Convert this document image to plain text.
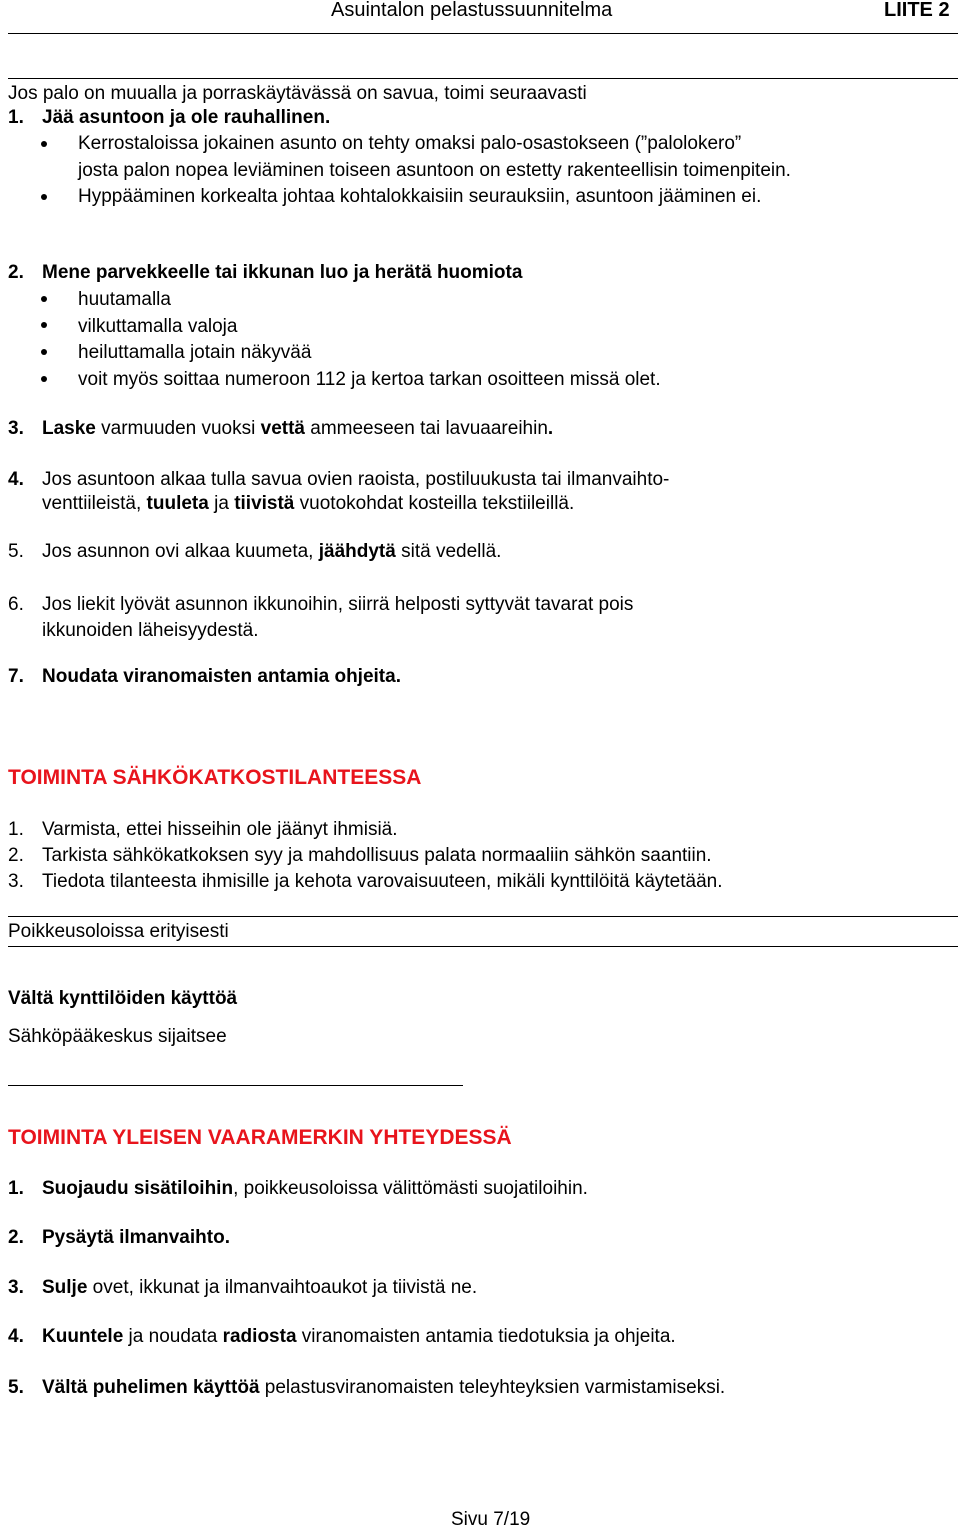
Asuintalon pelastussuunnitelma	LIITE 2
Jos palo on muualla ja porraskäytävässä on savua, toimi seuraavasti
1. Jää asuntoon ja ole rauhallinen.
Kerrostaloissa jokainen asunto on tehty omaksi palo-osastokseen (”palolokero”
josta palon nopea leviäminen toiseen asuntoon on estetty rakenteellisin toimenpitein.
Hyppääminen korkealta johtaa kohtalokkaisiin seurauksiin, asuntoon jääminen ei.
2. Mene parvekkeelle tai ikkunan luo ja herätä huomiota
huutamalla
vilkuttamalla valoja
heiluttamalla jotain näkyvää
voit myös soittaa numeroon 112 ja kertoa tarkan osoitteen missä olet.
3. Laske varmuuden vuoksi vettä ammeeseen tai lavuaareihin.
4. Jos asuntoon alkaa tulla savua ovien raoista, postiluukusta tai ilmanvaihto-
venttiileistä, tuuleta ja tiivistä vuotokohdat kosteilla tekstiileillä.
5. Jos asunnon ovi alkaa kuumeta, jäähdytä sitä vedellä.
6. Jos liekit lyövät asunnon ikkunoihin, siirrä helposti syttyvät tavarat pois
ikkunoiden läheisyydestä.
7. Noudata viranomaisten antamia ohjeita.
TOIMINTA SÄHKÖKATKOSTILANTEESSA
1. Varmista, ettei hisseihin ole jäänyt ihmisiä.
2. Tarkista sähkökatkoksen syy ja mahdollisuus palata normaaliin sähkön saantiin.
3. Tiedota tilanteesta ihmisille ja kehota varovaisuuteen, mikäli kynttilöitä käytetään.
Poikkeusoloissa erityisesti
Vältä kynttilöiden käyttöä
Sähköpääkeskus sijaitsee
TOIMINTA YLEISEN VAARAMERKIN YHTEYDESSÄ
1. Suojaudu sisätiloihin, poikkeusoloissa välittömästi suojatiloihin.
2. Pysäytä ilmanvaihto.
3. Sulje ovet, ikkunat ja ilmanvaihtoaukot ja tiivistä ne.
4. Kuuntele ja noudata radiosta viranomaisten antamia tiedotuksia ja ohjeita.
5. Vältä puhelimen käyttöä pelastusviranomaisten teleyhteyksien varmistamiseksi.
Sivu 7/19
